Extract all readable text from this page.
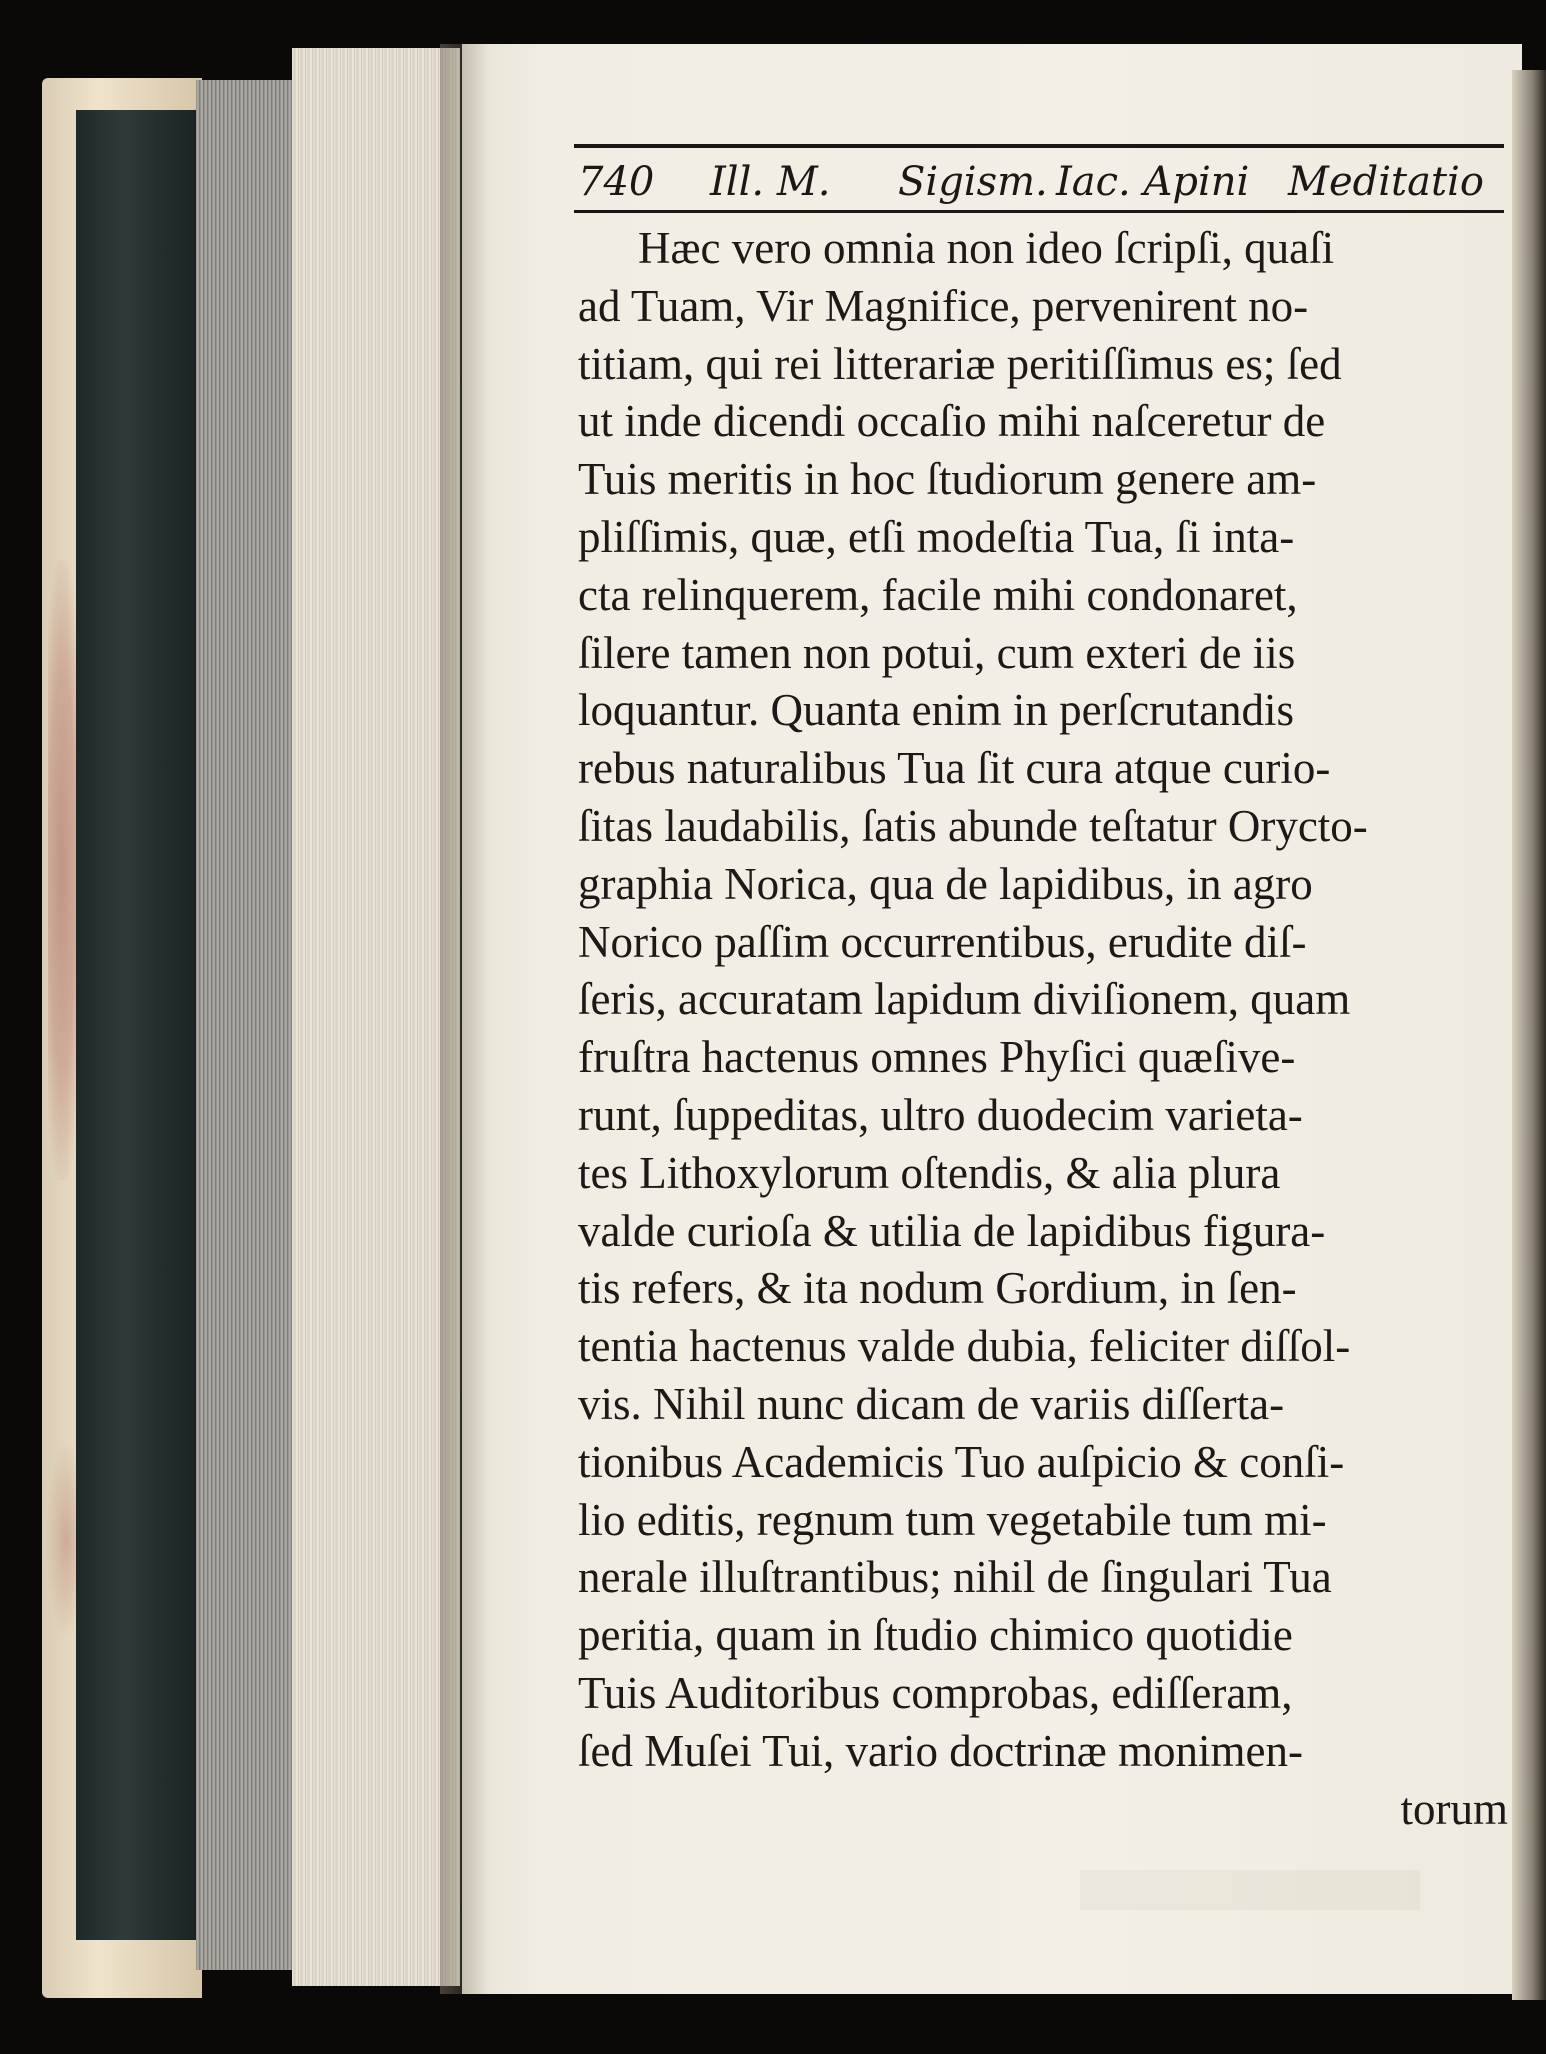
740 Ill. M. Sigism. Iac. Apini Meditatio
Hæc vero omnia non ideo ſcripſi, quaſi
ad Tuam, Vir Magnifice, pervenirent no-
titiam, qui rei litterariæ peritiſſimus es; ſed
ut inde dicendi occaſio mihi naſceretur de
Tuis meritis in hoc ſtudiorum genere am-
pliſſimis, quæ, etſi modeſtia Tua, ſi inta-
cta relinquerem, facile mihi condonaret,
ſilere tamen non potui, cum exteri de iis
loquantur. Quanta enim in perſcrutandis
rebus naturalibus Tua ſit cura atque curio-
ſitas laudabilis, ſatis abunde teſtatur Orycto-
graphia Norica, qua de lapidibus, in agro
Norico paſſim occurrentibus, erudite diſ-
ſeris, accuratam lapidum diviſionem, quam
fruſtra hactenus omnes Phyſici quæſive-
runt, ſuppeditas, ultro duodecim varieta-
tes Lithoxylorum oſtendis, & alia plura
valde curioſa & utilia de lapidibus figura-
tis refers, & ita nodum Gordium, in ſen-
tentia hactenus valde dubia, feliciter diſſol-
vis. Nihil nunc dicam de variis diſſerta-
tionibus Academicis Tuo auſpicio & conſi-
lio editis, regnum tum vegetabile tum mi-
nerale illuſtrantibus; nihil de ſingulari Tua
peritia, quam in ſtudio chimico quotidie
Tuis Auditoribus comprobas, ediſſeram,
ſed Muſei Tui, vario doctrinæ monimen-
torum
